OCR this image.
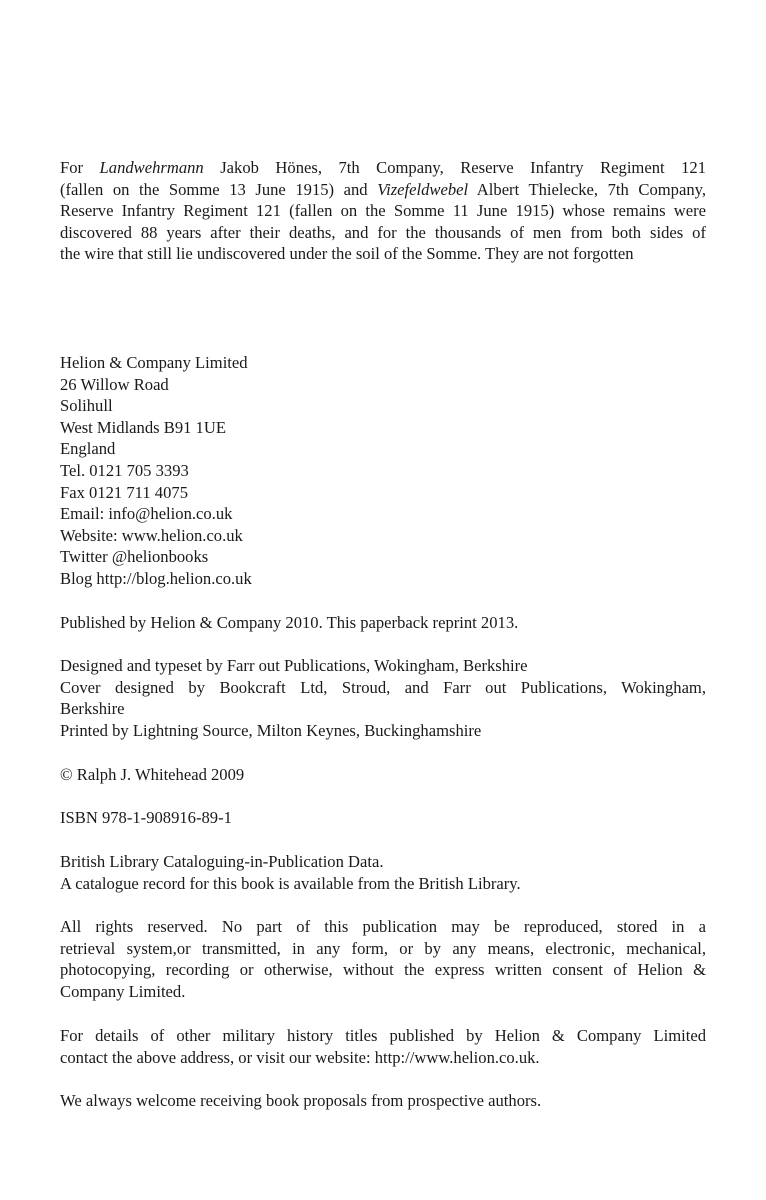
For Landwehrmann Jakob Hönes, 7th Company, Reserve Infantry Regiment 121
(fallen on the Somme 13 June 1915) and Vizefeldwebel Albert Thielecke, 7th Company,
Reserve Infantry Regiment 121 (fallen on the Somme 11 June 1915) whose remains were
discovered 88 years after their deaths, and for the thousands of men from both sides of
the wire that still lie undiscovered under the soil of the Somme. They are not forgotten
Helion & Company Limited
26 Willow Road
Solihull
West Midlands B91 1UE
England
Tel. 0121 705 3393
Fax 0121 711 4075
Email: info@helion.co.uk
Website: www.helion.co.uk
Twitter @helionbooks
Blog http://blog.helion.co.uk
Published by Helion & Company 2010. This paperback reprint 2013.
Designed and typeset by Farr out Publications, Wokingham, Berkshire
Cover designed by Bookcraft Ltd, Stroud, and Farr out Publications, Wokingham,
Berkshire
Printed by Lightning Source, Milton Keynes, Buckinghamshire
© Ralph J. Whitehead 2009
ISBN 978-1-908916-89-1
British Library Cataloguing-in-Publication Data.
A catalogue record for this book is available from the British Library.
All rights reserved. No part of this publication may be reproduced, stored in a
retrieval system,or transmitted, in any form, or by any means, electronic, mechanical,
photocopying, recording or otherwise, without the express written consent of Helion &
Company Limited.
For details of other military history titles published by Helion & Company Limited
contact the above address, or visit our website: http://www.helion.co.uk.
We always welcome receiving book proposals from prospective authors.
